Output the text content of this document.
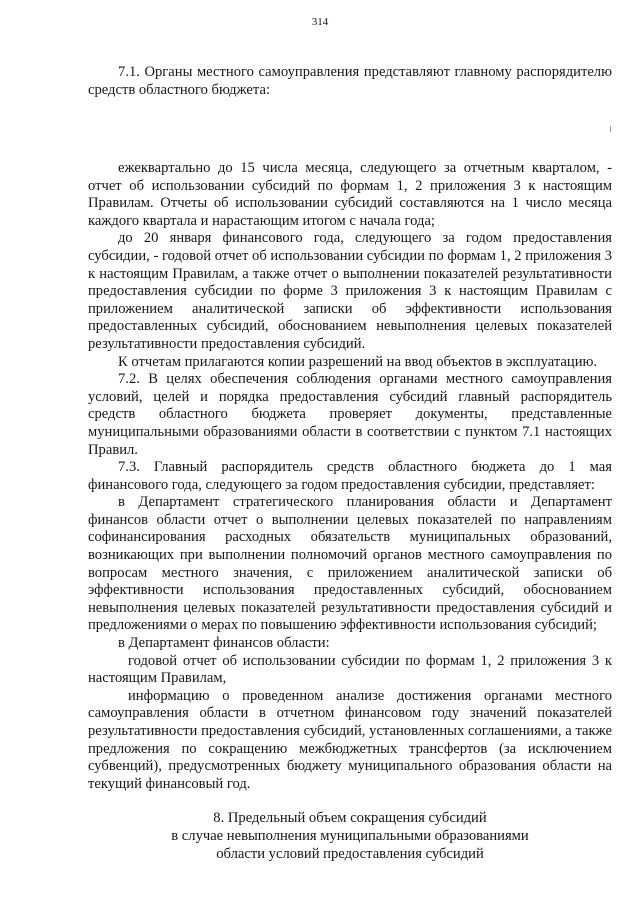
314

7.1. Органы местного самоуправления представляют главному распорядителю средств областного бюджета:

ежеквартально до 15 числа месяца, следующего за отчетным кварталом, - отчет об использовании субсидий по формам 1, 2 приложения 3 к настоящим Правилам. Отчеты об использовании субсидий составляются на 1 число месяца каждого квартала и нарастающим итогом с начала года;

до 20 января финансового года, следующего за годом предоставления субсидии, - годовой отчет об использовании субсидии по формам 1, 2 приложения 3 к настоящим Правилам, а также отчет о выполнении показателей результативности предоставления субсидии по форме 3 приложения 3 к настоящим Правилам с приложением аналитической записки об эффективности использования предоставленных субсидий, обоснованием невыполнения целевых показателей результативности предоставления субсидий.

К отчетам прилагаются копии разрешений на ввод объектов в эксплуатацию.

7.2. В целях обеспечения соблюдения органами местного самоуправления условий, целей и порядка предоставления субсидий главный распорядитель средств областного бюджета проверяет документы, представленные муниципальными образованиями области в соответствии с пунктом 7.1 настоящих Правил.

7.3. Главный распорядитель средств областного бюджета до 1 мая финансового года, следующего за годом предоставления субсидии, представляет:

в Департамент стратегического планирования области и Департамент финансов области отчет о выполнении целевых показателей по направлениям софинансирования расходных обязательств муниципальных образований, возникающих при выполнении полномочий органов местного самоуправления по вопросам местного значения, с приложением аналитической записки об эффективности использования предоставленных субсидий, обоснованием невыполнения целевых показателей результативности предоставления субсидий и предложениями о мерах по повышению эффективности использования субсидий;

в Департамент финансов области:

годовой отчет об использовании субсидии по формам 1, 2 приложения 3 к настоящим Правилам,

информацию о проведенном анализе достижения органами местного самоуправления области в отчетном финансовом году значений показателей результативности предоставления субсидий, установленных соглашениями, а также предложения по сокращению межбюджетных трансфертов (за исключением субвенций), предусмотренных бюджету муниципального образования области на текущий финансовый год.

8. Предельный объем сокращения субсидий
в случае невыполнения муниципальными образованиями
области условий предоставления субсидий
